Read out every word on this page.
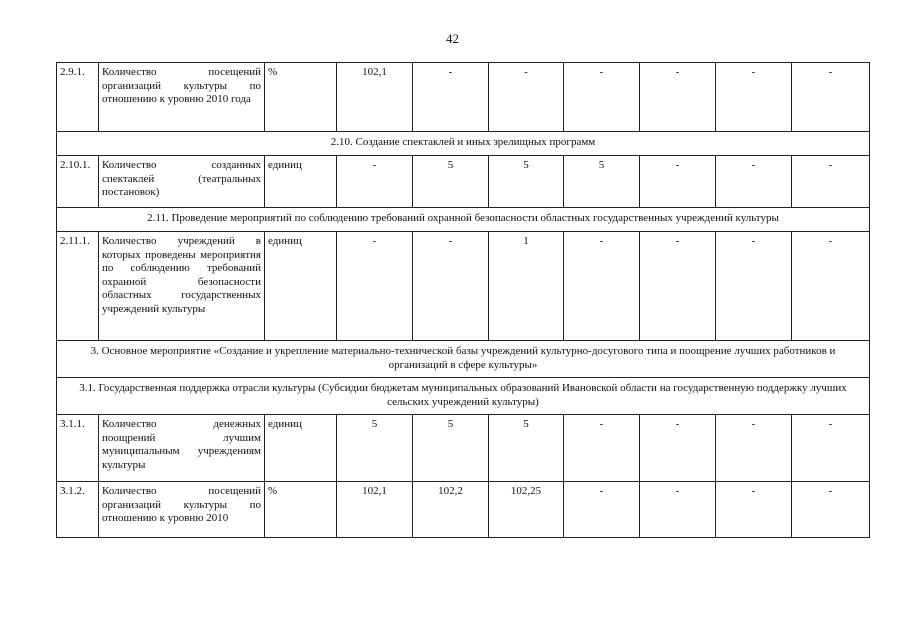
42
2.9.1.	Количество посещений организаций культуры по отношению к уровню 2010 года	%	102,1	-	-	-	-	-	-
2.10. Создание спектаклей и иных зрелищных программ									
2.10.1.	Количество созданных спектаклей (театральных постановок)	единиц	-	5	5	5	-	-	-
2.11. Проведение мероприятий по соблюдению требований охранной безопасности областных государственных учреждений культуры									
2.11.1.	Количество учреждений в которых проведены мероприятия по соблюдению требований охранной безопасности областных государственных учреждений культуры	единиц	-	-	1	-	-	-	-
3. Основное мероприятие «Создание и укрепление материально-технической базы учреждений культурно-досугового типа и поощрение лучших работников и организаций в сфере культуры»									
3.1. Государственная поддержка отрасли культуры (Субсидии бюджетам муниципальных образований Ивановской области на государственную поддержку лучших сельских учреждений культуры)									
3.1.1.	Количество денежных поощрений лучшим муниципальным учреждениям культуры	единиц	5	5	5	-	-	-	-
3.1.2.	Количество посещений организаций культуры по отношению к уровню 2010	%	102,1	102,2	102,25	-	-	-	-
